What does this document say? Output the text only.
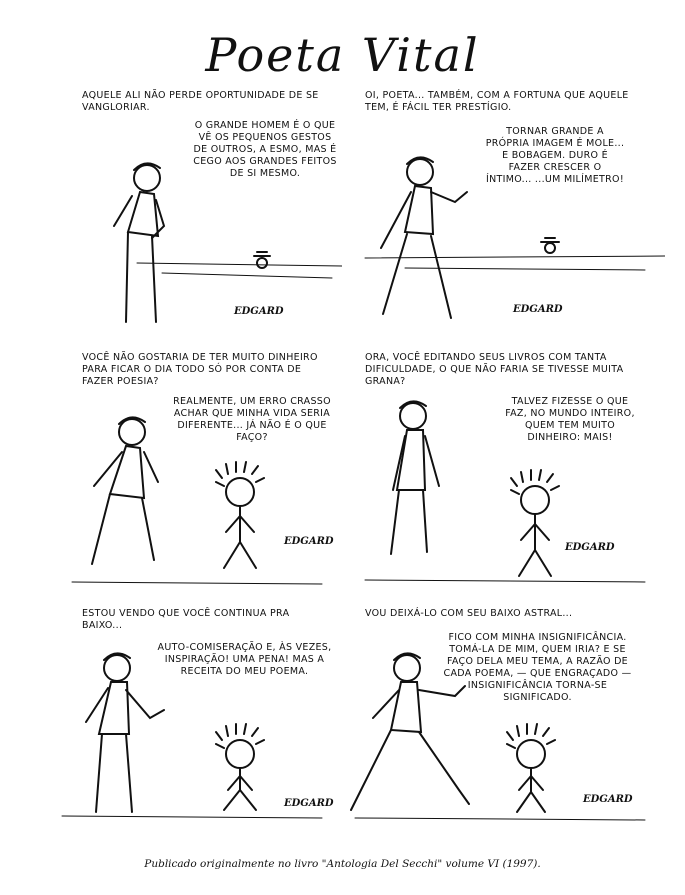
Poeta Vital
AQUELE ALI NÃO PERDE OPORTUNIDADE DE SE VANGLORIAR.
O GRANDE HOMEM É O QUE VÊ OS PEQUENOS GESTOS DE OUTROS, A ESMO, MAS É CEGO AOS GRANDES FEITOS DE SI MESMO.
EDGARD
OI, POETA... TAMBÉM, COM A FORTUNA QUE AQUELE TEM, É FÁCIL TER PRESTÍGIO.
TORNAR GRANDE A PRÓPRIA IMAGEM É MOLE... E BOBAGEM. DURO É FAZER CRESCER O ÍNTIMO... ...UM MILÍMETRO!
EDGARD
VOCÊ NÃO GOSTARIA DE TER MUITO DINHEIRO PARA FICAR O DIA TODO SÓ POR CONTA DE FAZER POESIA?
REALMENTE, UM ERRO CRASSO ACHAR QUE MINHA VIDA SERIA DIFERENTE... JÁ NÃO É O QUE FAÇO?
EDGARD
ORA, VOCÊ EDITANDO SEUS LIVROS COM TANTA DIFICULDADE, O QUE NÃO FARIA SE TIVESSE MUITA GRANA?
TALVEZ FIZESSE O QUE FAZ, NO MUNDO INTEIRO, QUEM TEM MUITO DINHEIRO: MAIS!
EDGARD
ESTOU VENDO QUE VOCÊ CONTINUA PRA BAIXO...
AUTO-COMISERAÇÃO E, ÀS VEZES, INSPIRAÇÃO! UMA PENA! MAS A RECEITA DO MEU POEMA.
EDGARD
VOU DEIXÁ-LO COM SEU BAIXO ASTRAL...
FICO COM MINHA INSIGNIFICÂNCIA. TOMÁ-LA DE MIM, QUEM IRIA? E SE FAÇO DELA MEU TEMA, A RAZÃO DE CADA POEMA, — QUE ENGRAÇADO — INSIGNIFICÂNCIA TORNA-SE SIGNIFICADO.
EDGARD
Publicado originalmente no livro "Antologia Del Secchi" volume VI (1997).
